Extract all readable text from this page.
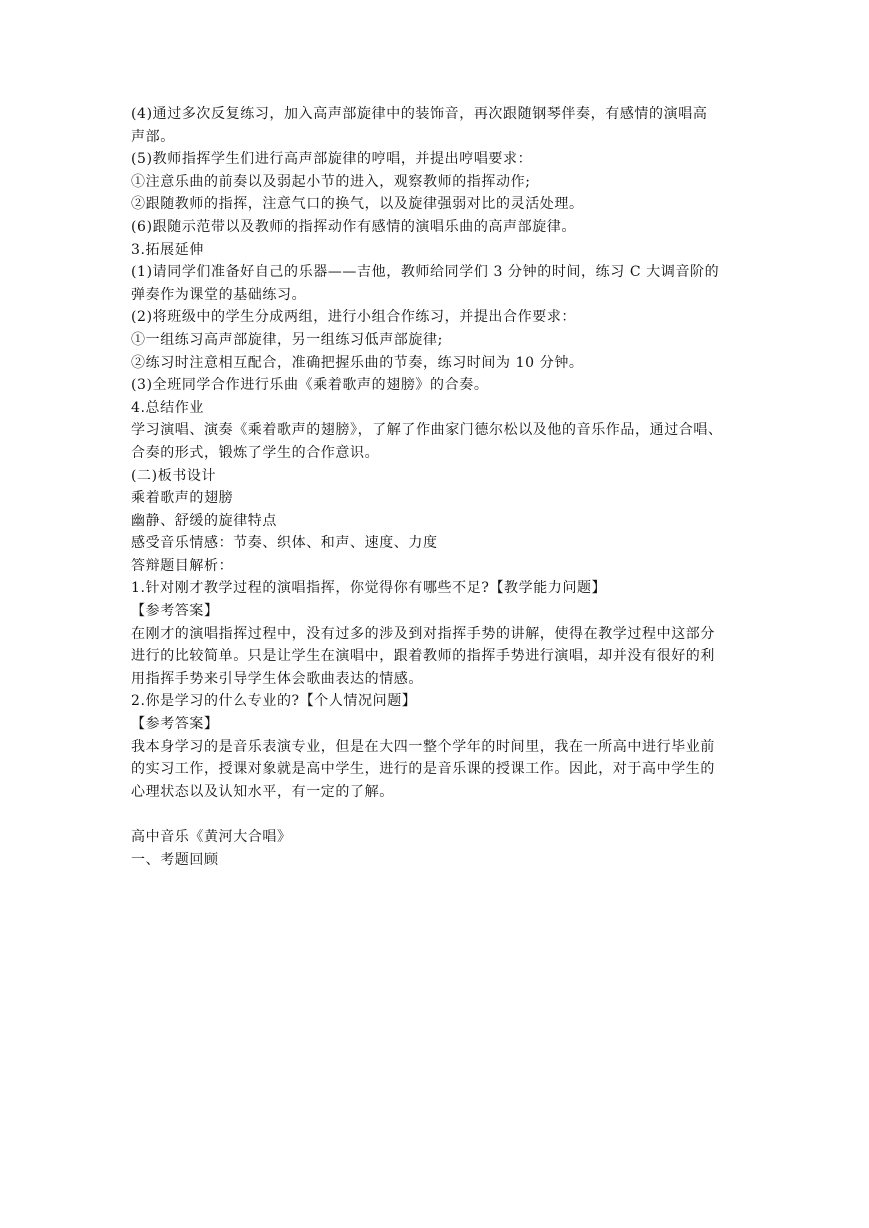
(4)通过多次反复练习，加入高声部旋律中的装饰音，再次跟随钢琴伴奏，有感情的演唱高
声部。
(5)教师指挥学生们进行高声部旋律的哼唱，并提出哼唱要求：
①注意乐曲的前奏以及弱起小节的进入，观察教师的指挥动作;
②跟随教师的指挥，注意气口的换气，以及旋律强弱对比的灵活处理。
(6)跟随示范带以及教师的指挥动作有感情的演唱乐曲的高声部旋律。
3.拓展延伸
(1)请同学们准备好自己的乐器——吉他，教师给同学们 3 分钟的时间，练习 C 大调音阶的
弹奏作为课堂的基础练习。
(2)将班级中的学生分成两组，进行小组合作练习，并提出合作要求：
①一组练习高声部旋律，另一组练习低声部旋律;
②练习时注意相互配合，准确把握乐曲的节奏，练习时间为 10 分钟。
(3)全班同学合作进行乐曲《乘着歌声的翅膀》的合奏。
4.总结作业
学习演唱、演奏《乘着歌声的翅膀》，了解了作曲家门德尔松以及他的音乐作品，通过合唱、
合奏的形式，锻炼了学生的合作意识。
(二)板书设计
乘着歌声的翅膀
幽静、舒缓的旋律特点
感受音乐情感：节奏、织体、和声、速度、力度
答辩题目解析：
1.针对刚才教学过程的演唱指挥，你觉得你有哪些不足?【教学能力问题】
【参考答案】
在刚才的演唱指挥过程中，没有过多的涉及到对指挥手势的讲解，使得在教学过程中这部分
进行的比较简单。只是让学生在演唱中，跟着教师的指挥手势进行演唱，却并没有很好的利
用指挥手势来引导学生体会歌曲表达的情感。
2.你是学习的什么专业的?【个人情况问题】
【参考答案】
我本身学习的是音乐表演专业，但是在大四一整个学年的时间里，我在一所高中进行毕业前
的实习工作，授课对象就是高中学生，进行的是音乐课的授课工作。因此，对于高中学生的
心理状态以及认知水平，有一定的了解。
高中音乐《黄河大合唱》
一、考题回顾
